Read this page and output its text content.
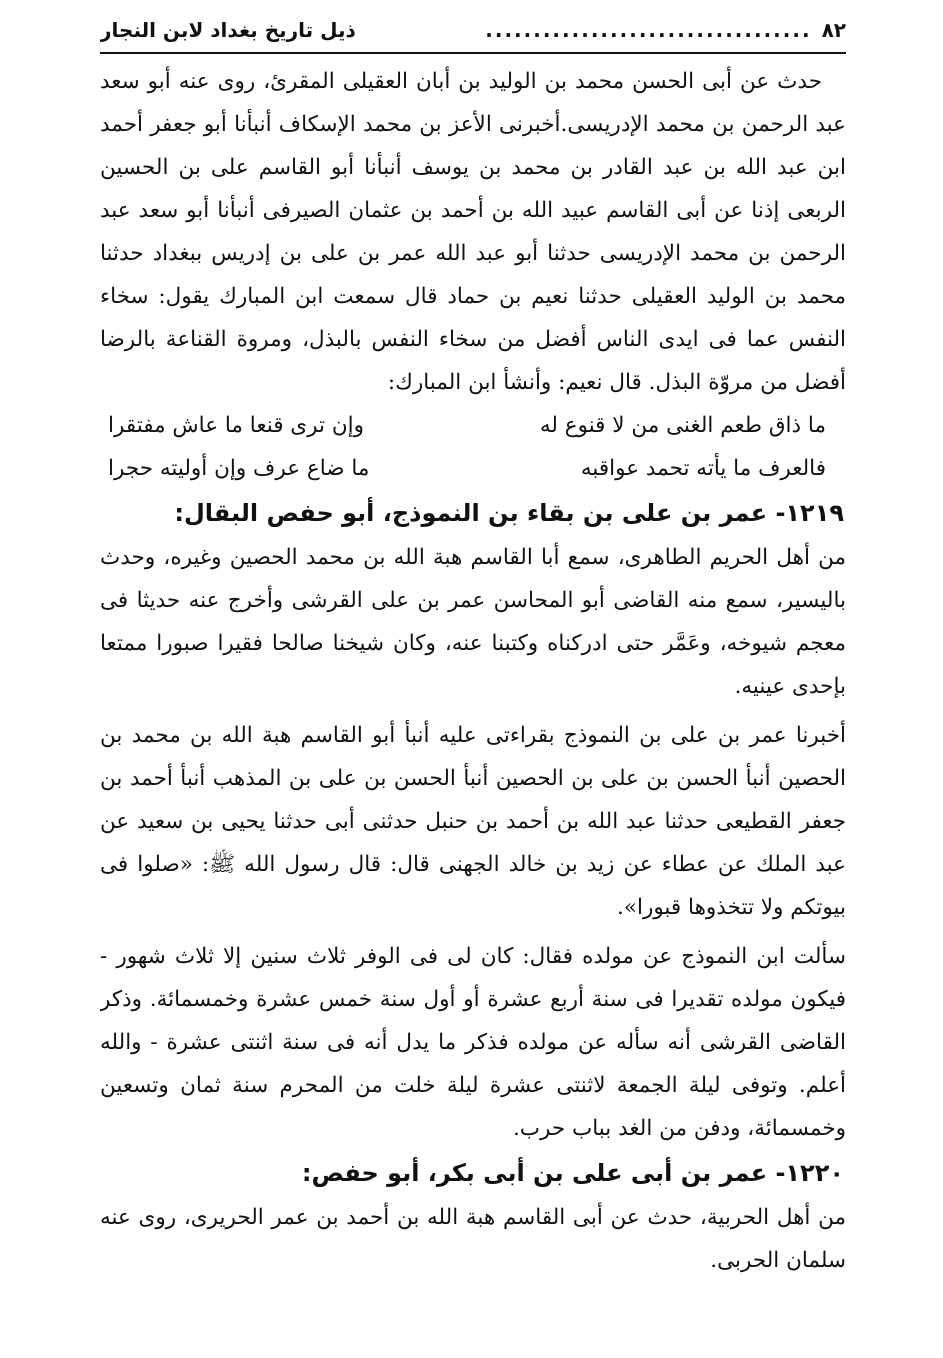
٨٢
..................................
ذيل تاريخ بغداد لابن النجار

حدث عن أبى الحسن محمد بن الوليد بن أبان العقيلى المقرئ، روى عنه أبو سعد عبد الرحمن بن محمد الإدريسى.أخبرنى الأعز بن محمد الإسكاف أنبأنا أبو جعفر أحمد ابن عبد الله بن عبد القادر بن محمد بن يوسف أنبأنا أبو القاسم على بن الحسين الربعى إذنا عن أبى القاسم عبيد الله بن أحمد بن عثمان الصيرفى أنبأنا أبو سعد عبد الرحمن بن محمد الإدريسى حدثنا أبو عبد الله عمر بن على بن إدريس ببغداد حدثنا محمد بن الوليد العقيلى حدثنا نعيم بن حماد قال سمعت ابن المبارك يقول: سخاء النفس عما فى ايدى الناس أفضل من سخاء النفس بالبذل، ومروة القناعة بالرضا أفضل من مروّة البذل. قال نعيم: وأنشأ ابن المبارك:

ما ذاق طعم الغنى من لا قنوع له
وإن ترى قنعا ما عاش مفتقرا
فالعرف ما يأته تحمد عواقبه
ما ضاع عرف وإن أوليته حجرا
١٢١٩- عمر بن على بن بقاء بن النموذج، أبو حفص البقال:

من أهل الحريم الطاهرى، سمع أبا القاسم هبة الله بن محمد الحصين وغيره، وحدث باليسير، سمع منه القاضى أبو المحاسن عمر بن على القرشى وأخرج عنه حديثا فى معجم شيوخه، وعَمَّر حتى ادركناه وكتبنا عنه، وكان شيخنا صالحا فقيرا صبورا ممتعا بإحدى عينيه.

أخبرنا عمر بن على بن النموذج بقراءتى عليه أنبأ أبو القاسم هبة الله بن محمد بن الحصين أنبأ الحسن بن على بن الحصين أنبأ الحسن بن على بن المذهب أنبأ أحمد بن جعفر القطيعى حدثنا عبد الله بن أحمد بن حنبل حدثنى أبى حدثنا يحيى بن سعيد عن عبد الملك عن عطاء عن زيد بن خالد الجهنى قال: قال رسول الله ﷺ: «صلوا فى بيوتكم ولا تتخذوها قبورا».

سألت ابن النموذج عن مولده فقال: كان لى فى الوفر ثلاث سنين إلا ثلاث شهور - فيكون مولده تقديرا فى سنة أربع عشرة أو أول سنة خمس عشرة وخمسمائة. وذكر القاضى القرشى أنه سأله عن مولده فذكر ما يدل أنه فى سنة اثنتى عشرة - والله أعلم. وتوفى ليلة الجمعة لاثنتى عشرة ليلة خلت من المحرم سنة ثمان وتسعين وخمسمائة، ودفن من الغد بباب حرب.

١٢٢٠- عمر بن أبى على بن أبى بكر، أبو حفص:

من أهل الحربية، حدث عن أبى القاسم هبة الله بن أحمد بن عمر الحريرى، روى عنه سلمان الحربى.
